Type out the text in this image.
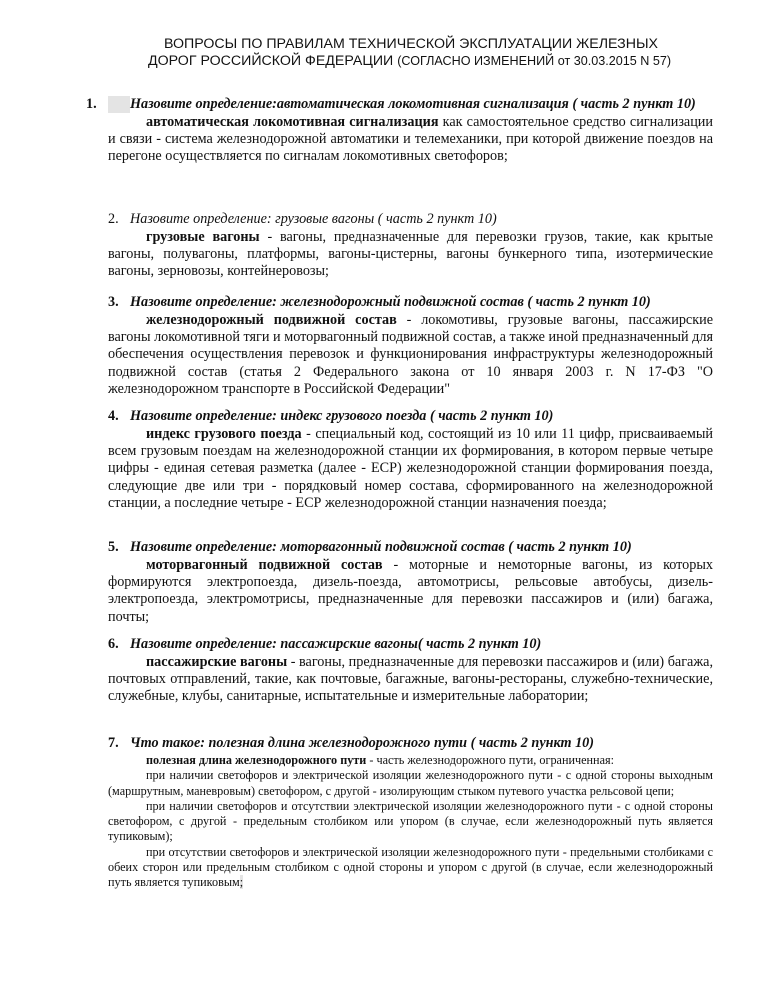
ВОПРОСЫ ПО ПРАВИЛАМ ТЕХНИЧЕСКОЙ ЭКСПЛУАТАЦИИ ЖЕЛЕЗНЫХ
ДОРОГ РОССИЙСКОЙ ФЕДЕРАЦИИ (СОГЛАСНО ИЗМЕНЕНИЙ от 30.03.2015 N 57)
1. Назовите определение:автоматическая локомотивная сигнализация ( часть 2 пункт 10)
автоматическая локомотивная сигнализация как самостоятельное средство сигнализации и связи - система железнодорожной автоматики и телемеханики, при которой движение поездов на перегоне осуществляется по сигналам локомотивных светофоров;
2. Назовите определение: грузовые вагоны ( часть 2 пункт 10)
грузовые вагоны - вагоны, предназначенные для перевозки грузов, такие, как крытые вагоны, полувагоны, платформы, вагоны-цистерны, вагоны бункерного типа, изотермические вагоны, зерновозы, контейнеровозы;
3. Назовите определение: железнодорожный подвижной состав ( часть 2 пункт 10)
железнодорожный подвижной состав - локомотивы, грузовые вагоны, пассажирские вагоны локомотивной тяги и моторвагонный подвижной состав, а также иной предназначенный для обеспечения осуществления перевозок и функционирования инфраструктуры железнодорожный подвижной состав (статья 2 Федерального закона от 10 января 2003 г. N 17-ФЗ "О железнодорожном транспорте в Российской Федерации"
4. Назовите определение: индекс грузового поезда ( часть 2 пункт 10)
индекс грузового поезда - специальный код, состоящий из 10 или 11 цифр, присваиваемый всем грузовым поездам на железнодорожной станции их формирования, в котором первые четыре цифры - единая сетевая разметка (далее - ЕСР) железнодорожной станции формирования поезда, следующие две или три - порядковый номер состава, сформированного на железнодорожной станции, а последние четыре - ЕСР железнодорожной станции назначения поезда;
5. Назовите определение: моторвагонный подвижной состав ( часть 2 пункт 10)
моторвагонный подвижной состав - моторные и немоторные вагоны, из которых формируются электропоезда, дизель-поезда, автомотрисы, рельсовые автобусы, дизель-электропоезда, электромотрисы, предназначенные для перевозки пассажиров и (или) багажа, почты;
6. Назовите определение: пассажирские вагоны( часть 2 пункт 10)
пассажирские вагоны - вагоны, предназначенные для перевозки пассажиров и (или) багажа, почтовых отправлений, такие, как почтовые, багажные, вагоны-рестораны, служебно-технические, служебные, клубы, санитарные, испытательные и измерительные лаборатории;
7. Что такое: полезная длина железнодорожного пути ( часть 2 пункт 10)
полезная длина железнодорожного пути - часть железнодорожного пути, ограниченная:
при наличии светофоров и электрической изоляции железнодорожного пути - с одной стороны выходным (маршрутным, маневровым) светофором, с другой - изолирующим стыком путевого участка рельсовой цепи;
при наличии светофоров и отсутствии электрической изоляции железнодорожного пути - с одной стороны светофором, с другой - предельным столбиком или упором (в случае, если железнодорожный путь является тупиковым);
при отсутствии светофоров и электрической изоляции железнодорожного пути - предельными столбиками с обеих сторон или предельным столбиком с одной стороны и упором с другой (в случае, если железнодорожный путь является тупиковым;
